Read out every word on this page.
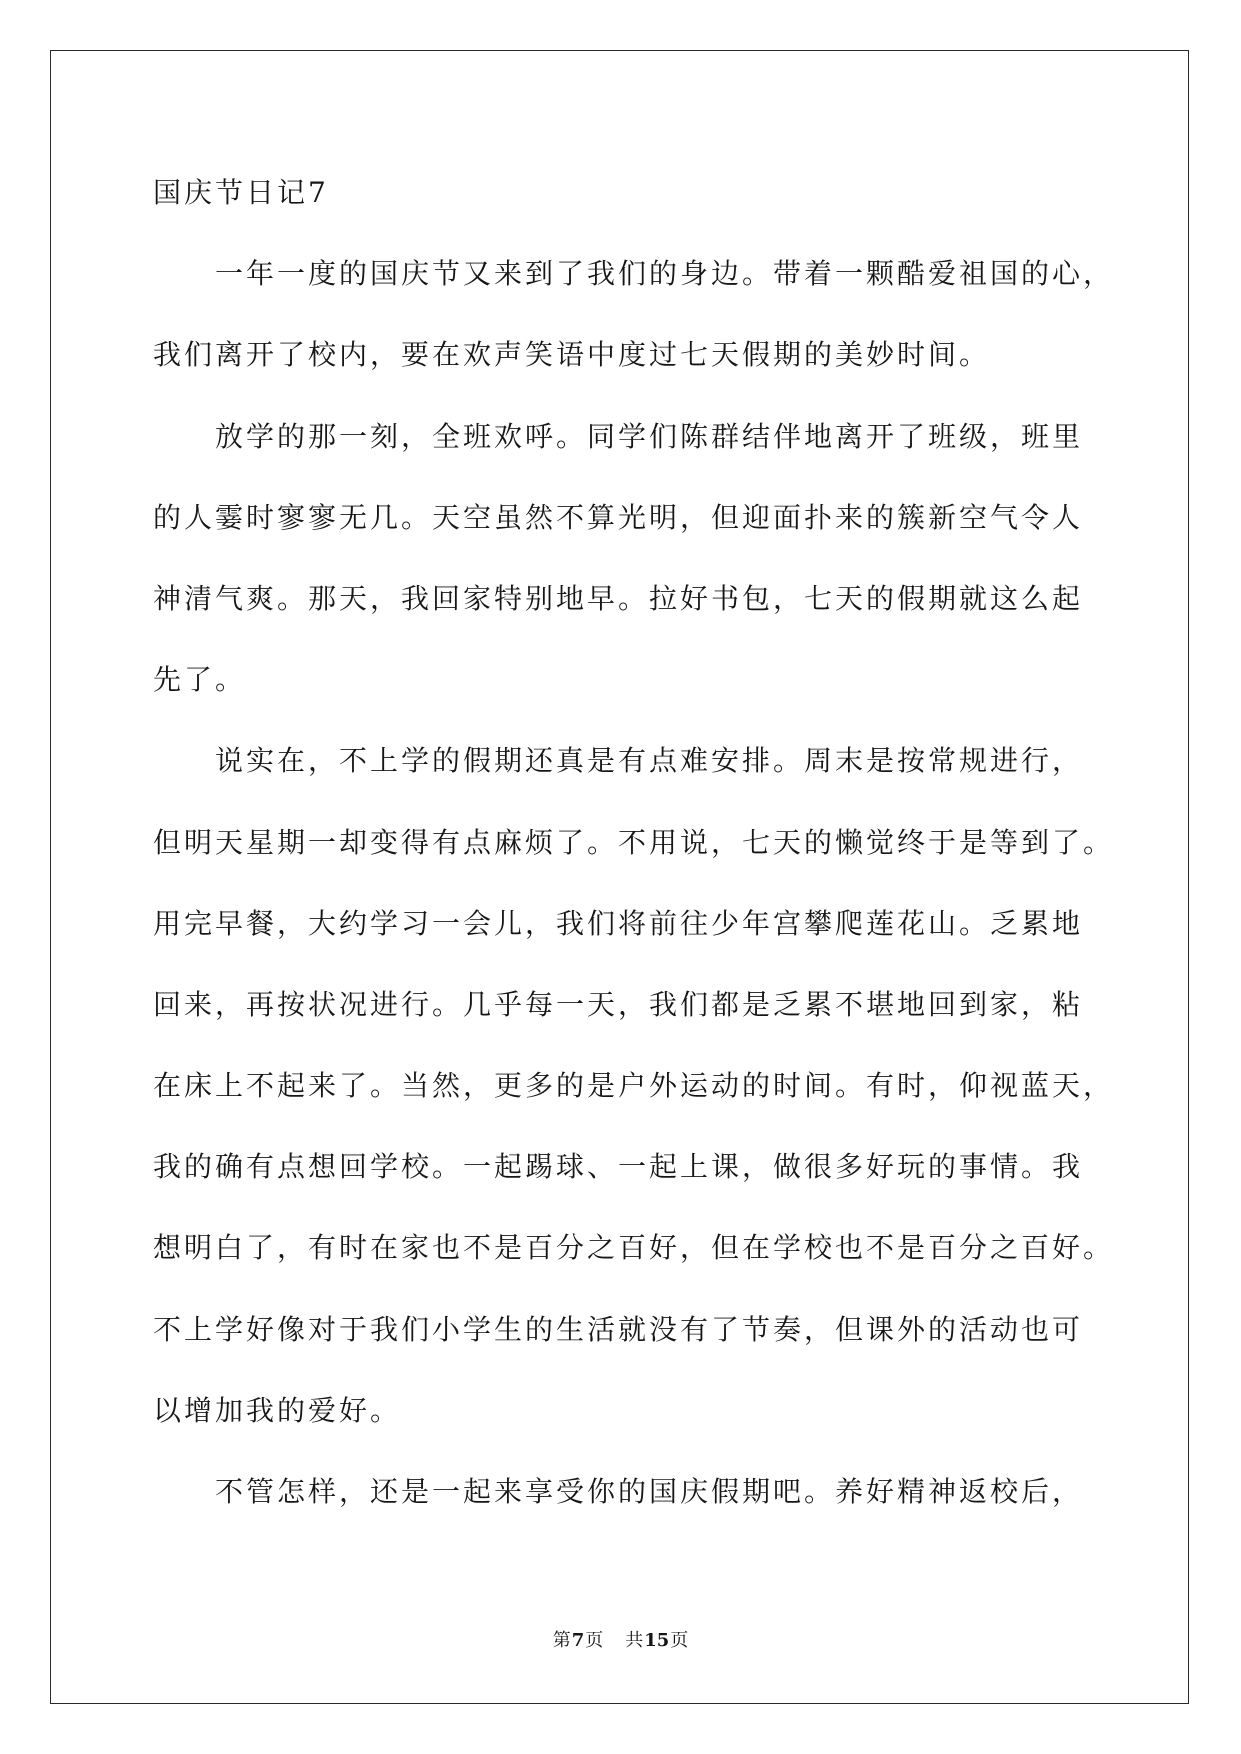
国庆节日记7
一年一度的国庆节又来到了我们的身边。带着一颗酷爱祖国的心，
我们离开了校内，要在欢声笑语中度过七天假期的美妙时间。
放学的那一刻，全班欢呼。同学们陈群结伴地离开了班级，班里
的人霎时寥寥无几。天空虽然不算光明，但迎面扑来的簇新空气令人
神清气爽。那天，我回家特别地早。拉好书包，七天的假期就这么起
先了。
说实在，不上学的假期还真是有点难安排。周末是按常规进行，
但明天星期一却变得有点麻烦了。不用说，七天的懒觉终于是等到了。
用完早餐，大约学习一会儿，我们将前往少年宫攀爬莲花山。乏累地
回来，再按状况进行。几乎每一天，我们都是乏累不堪地回到家，粘
在床上不起来了。当然，更多的是户外运动的时间。有时，仰视蓝天，
我的确有点想回学校。一起踢球、一起上课，做很多好玩的事情。我
想明白了，有时在家也不是百分之百好，但在学校也不是百分之百好。
不上学好像对于我们小学生的生活就没有了节奏，但课外的活动也可
以增加我的爱好。
不管怎样，还是一起来享受你的国庆假期吧。养好精神返校后，
第7页 共15页
